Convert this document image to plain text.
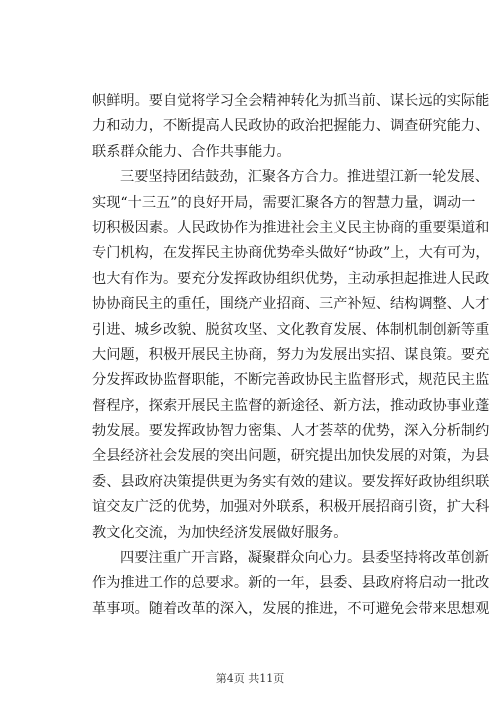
帜鲜明。要自觉将学习全会精神转化为抓当前、谋长远的实际能
力和动力，不断提高人民政协的政治把握能力、调查研究能力、
联系群众能力、合作共事能力。
三要坚持团结鼓劲，汇聚各方合力。推进望江新一轮发展、
实现“十三五”的良好开局，需要汇聚各方的智慧力量，调动一
切积极因素。人民政协作为推进社会主义民主协商的重要渠道和
专门机构，在发挥民主协商优势牵头做好“协政”上，大有可为，
也大有作为。要充分发挥政协组织优势，主动承担起推进人民政
协协商民主的重任，围绕产业招商、三产补短、结构调整、人才
引进、城乡改貌、脱贫攻坚、文化教育发展、体制机制创新等重
大问题，积极开展民主协商，努力为发展出实招、谋良策。要充
分发挥政协监督职能，不断完善政协民主监督形式，规范民主监
督程序，探索开展民主监督的新途径、新方法，推动政协事业蓬
勃发展。要发挥政协智力密集、人才荟萃的优势，深入分析制约
全县经济社会发展的突出问题，研究提出加快发展的对策，为县
委、县政府决策提供更为务实有效的建议。要发挥好政协组织联
谊交友广泛的优势，加强对外联系，积极开展招商引资，扩大科
教文化交流，为加快经济发展做好服务。
四要注重广开言路，凝聚群众向心力。县委坚持将改革创新
作为推进工作的总要求。新的一年，县委、县政府将启动一批改
革事项。随着改革的深入，发展的推进，不可避免会带来思想观
第4页 共11页
